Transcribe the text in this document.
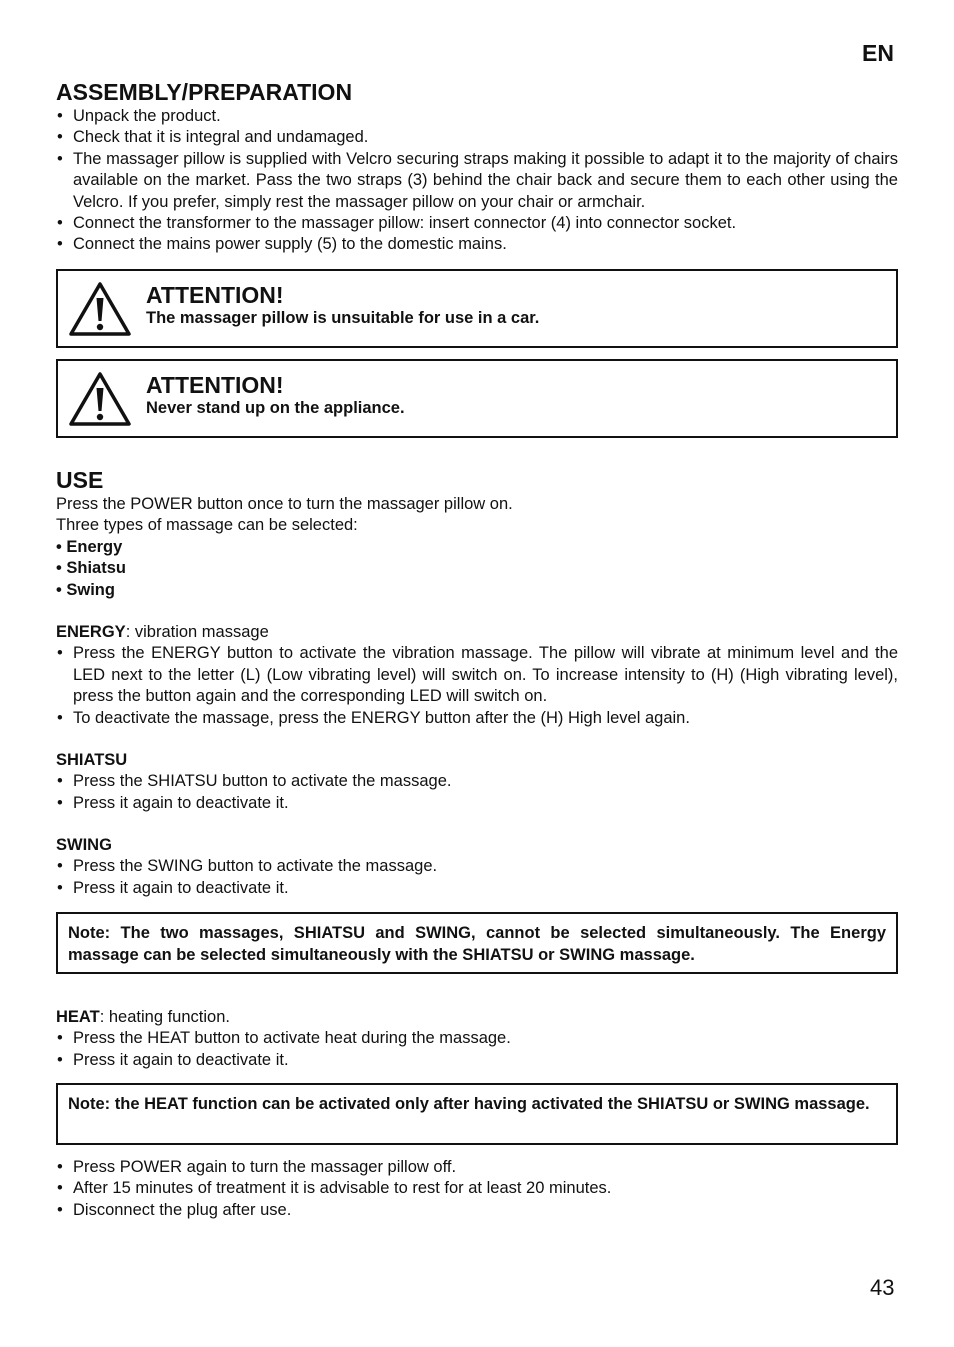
EN
ASSEMBLY/PREPARATION
• Unpack the product.
• Check that it is integral and undamaged.
• The massager pillow is supplied with Velcro securing straps making it possible to adapt it to the majority of chairs available on the market. Pass the two straps (3) behind the chair back and secure them to each other using the Velcro. If you prefer, simply rest the massager pillow on your chair or armchair.
• Connect the transformer to the massager pillow: insert connector (4) into connector socket.
• Connect the mains power supply (5) to the domestic mains.
ATTENTION!
The massager pillow is unsuitable for use in a car.
ATTENTION!
Never stand up on the appliance.
USE
Press the POWER button once to turn the massager pillow on.
Three types of massage can be selected:
• Energy
• Shiatsu
• Swing
ENERGY: vibration massage
• Press the ENERGY button to activate the vibration massage. The pillow will vibrate at minimum level and the LED next to the letter (L) (Low vibrating level) will switch on. To increase intensity to (H) (High vibrating level), press the button again and the corresponding LED will switch on.
• To deactivate the massage, press the ENERGY button after the (H) High level again.
SHIATSU
• Press the SHIATSU button to activate the massage.
• Press it again to deactivate it.
SWING
• Press the SWING button to activate the massage.
• Press it again to deactivate it.
Note: The two massages, SHIATSU and SWING, cannot be selected simultaneously. The Energy massage can be selected simultaneously with the SHIATSU or SWING massage.
HEAT: heating function.
• Press the HEAT button to activate heat during the massage.
• Press it again to deactivate it.
Note: the HEAT function can be activated only after having activated the SHIATSU or SWING massage.
• Press POWER again to turn the massager pillow off.
• After 15 minutes of treatment it is advisable to rest for at least 20 minutes.
• Disconnect the plug after use.
43
